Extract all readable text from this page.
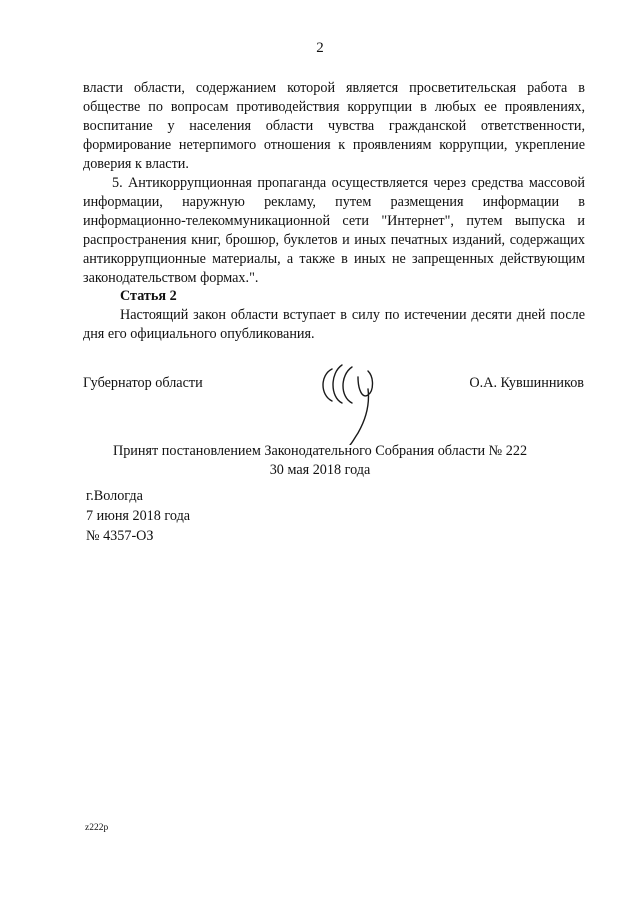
2
власти области, содержанием которой является просветительская работа в обществе по вопросам противодействия коррупции в любых ее проявлениях, воспитание у населения области чувства гражданской ответственности, формирование нетерпимого отношения к проявлениям коррупции, укрепление доверия к власти.
5. Антикоррупционная пропаганда осуществляется через средства массовой информации, наружную рекламу, путем размещения информации в информационно-телекоммуникационной сети "Интернет", путем выпуска и распространения книг, брошюр, буклетов и иных печатных изданий, содержащих антикоррупционные материалы, а также в иных не запрещенных действующим законодательством формах.".
Статья 2
Настоящий закон области вступает в силу по истечении десяти дней после дня его официального опубликования.
Губернатор области	О.А. Кувшинников
Принят постановлением Законодательного Собрания области № 222
30 мая 2018 года
г.Вологда
7 июня 2018 года
№ 4357-ОЗ
z222p
